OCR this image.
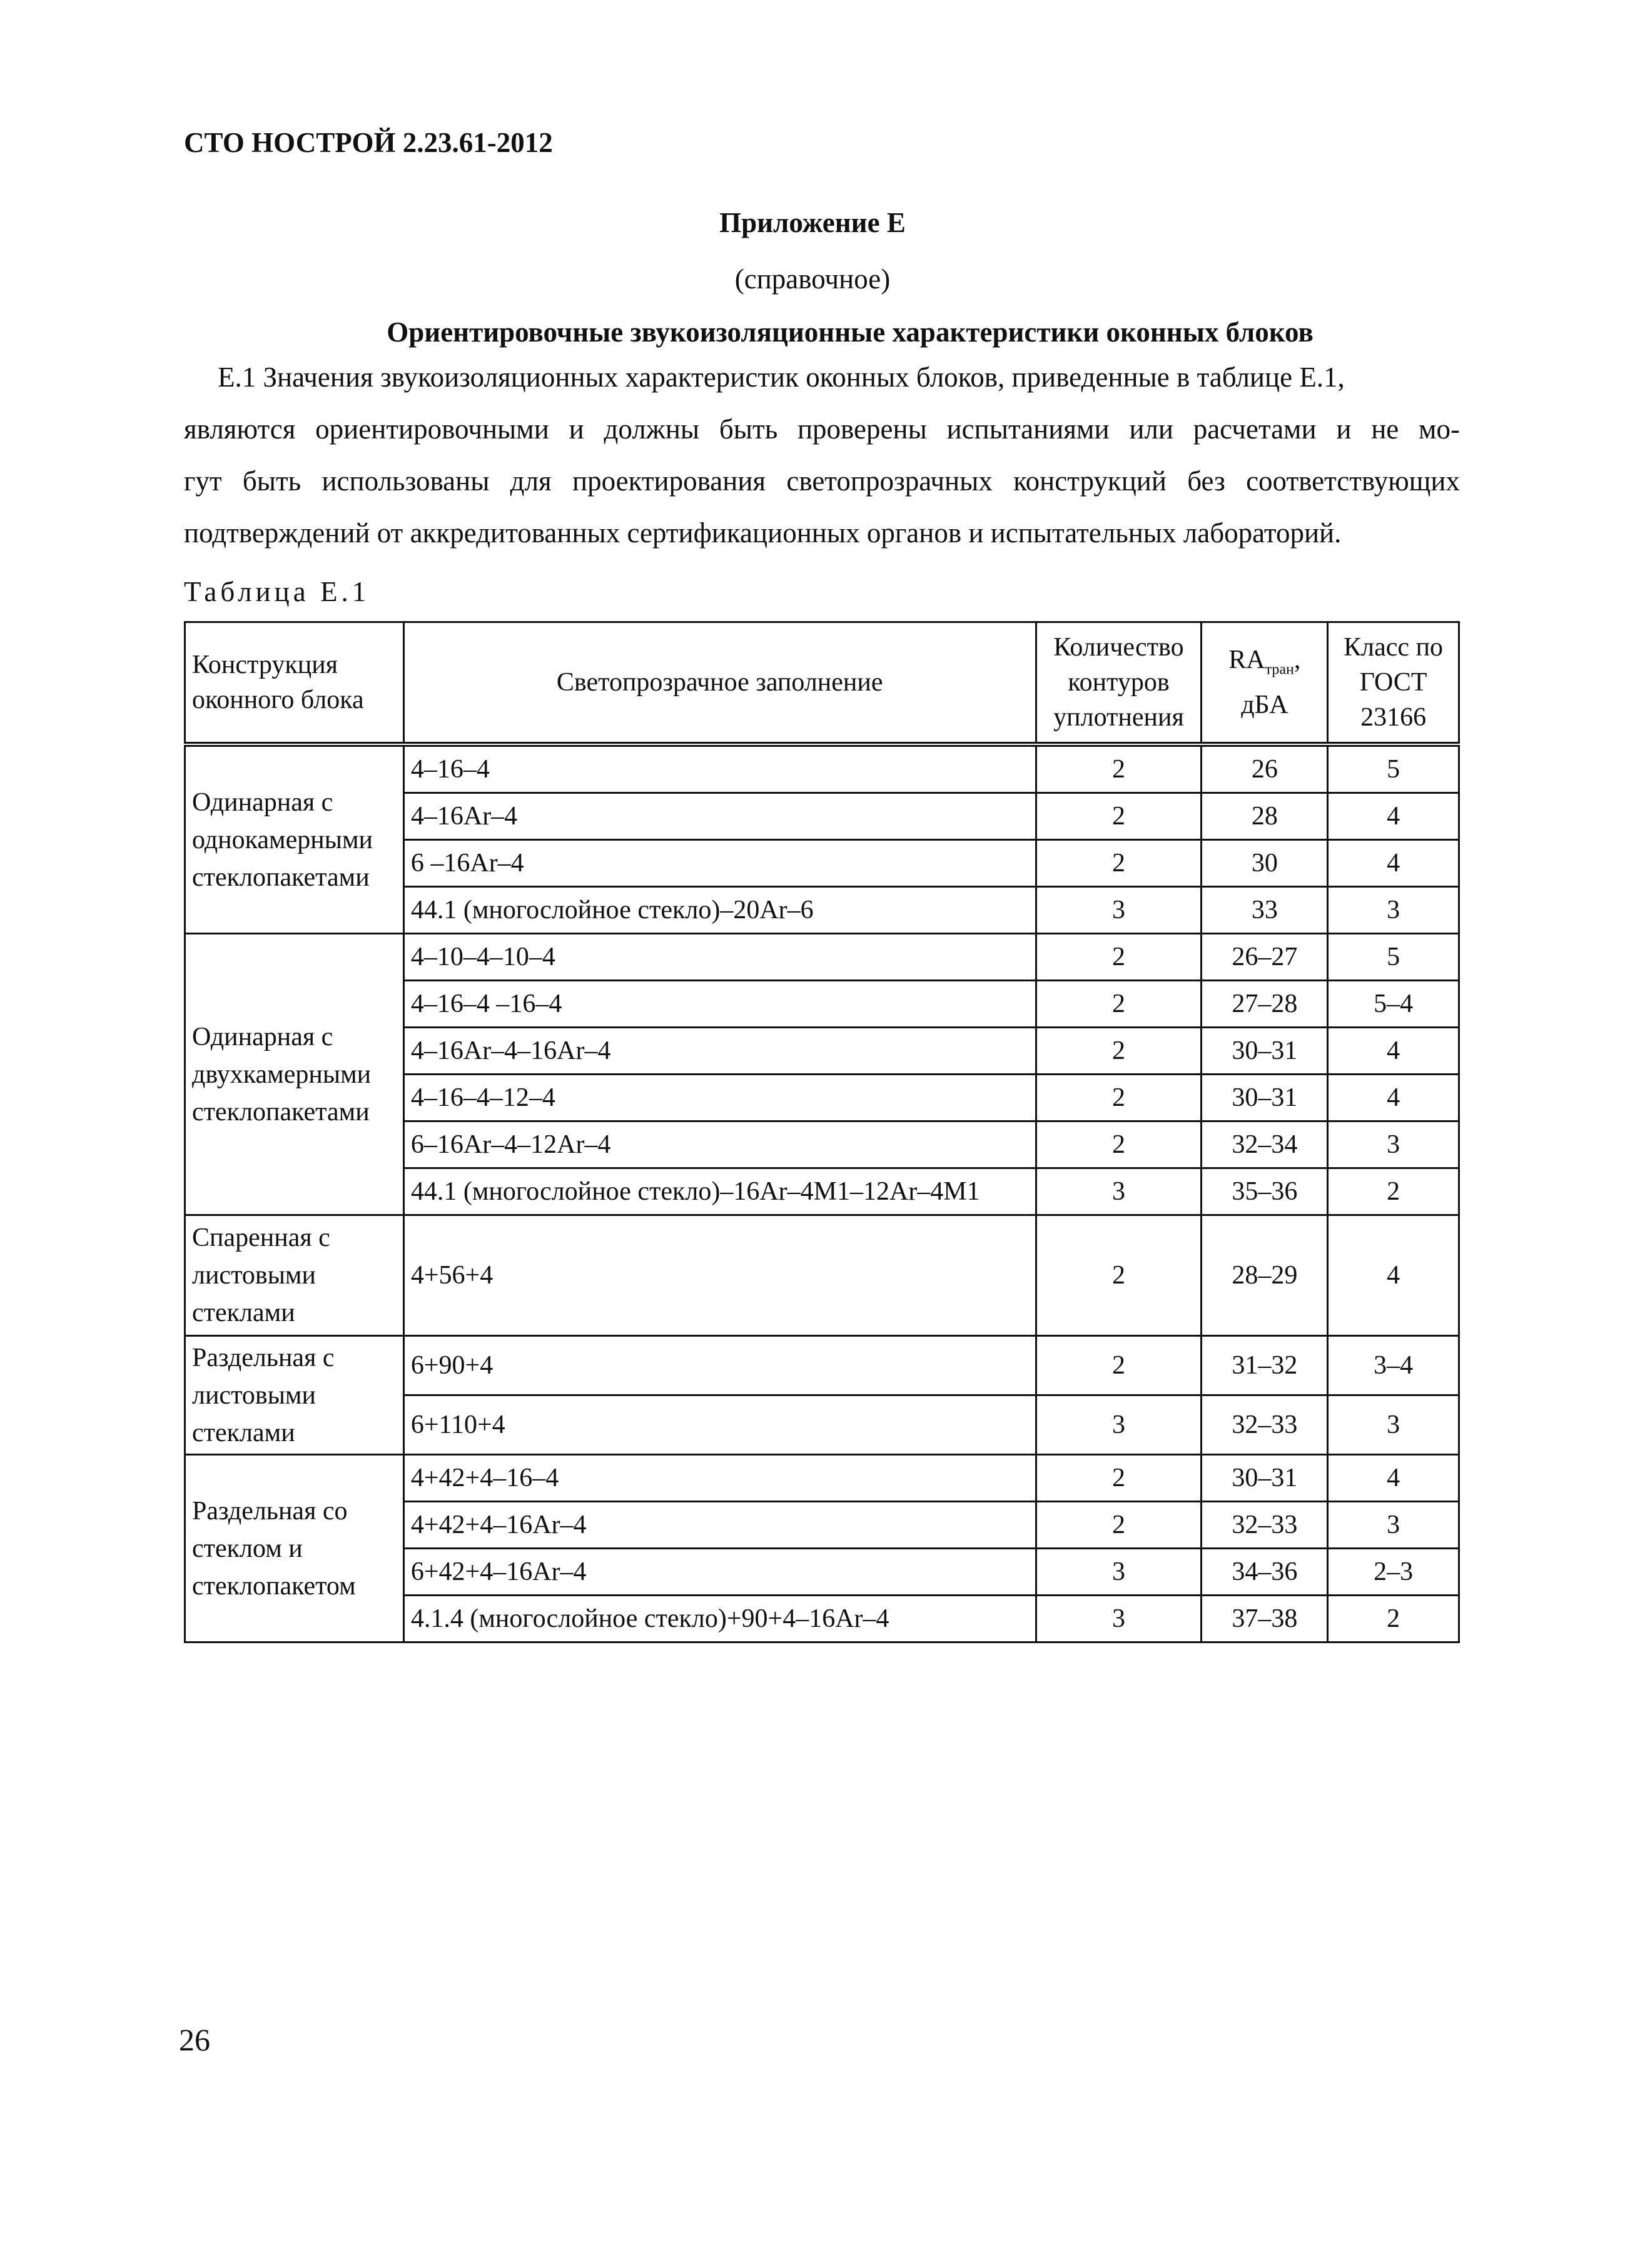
СТО НОСТРОЙ 2.23.61-2012
Приложение Е
(справочное)
Ориентировочные звукоизоляционные характеристики оконных блоков
Е.1 Значения звукоизоляционных характеристик оконных блоков, приведенные в таблице Е.1,
являются ориентировочными и должны быть проверены испытаниями или расчетами и не мо-
гут быть использованы для проектирования светопрозрачных конструкций без соответствующих
подтверждений от аккредитованных сертификационных органов и испытательных лабораторий.
Таблица Е.1
Конструкция оконного блока	Светопрозрачное заполнение	Количество контуров уплотнения	$RA_{тран}$, дБА	Класс по ГОСТ 23166
Одинарная с однокамерными стеклопакетами	4–16–4	2	26	5
	4–16Ar–4	2	28	4
	6 –16Ar–4	2	30	4
	44.1 (многослойное стекло)–20Ar–6	3	33	3
Одинарная с двухкамерными стеклопакетами	4–10–4–10–4	2	26–27	5
	4–16–4 –16–4	2	27–28	5–4
	4–16Ar–4–16Ar–4	2	30–31	4
	4–16–4–12–4	2	30–31	4
	6–16Ar–4–12Ar–4	2	32–34	3
	44.1 (многослойное стекло)–16Ar–4М1–12Ar–4М1	3	35–36	2
Спаренная с листовыми стеклами	4+56+4	2	28–29	4
Раздельная с листовыми стеклами	6+90+4	2	31–32	3–4
	6+110+4	3	32–33	3
Раздельная со стеклом и стеклопакетом	4+42+4–16–4	2	30–31	4
	4+42+4–16Ar–4	2	32–33	3
	6+42+4–16Ar–4	3	34–36	2–3
	4.1.4 (многослойное стекло)+90+4–16Ar–4	3	37–38	2
26
